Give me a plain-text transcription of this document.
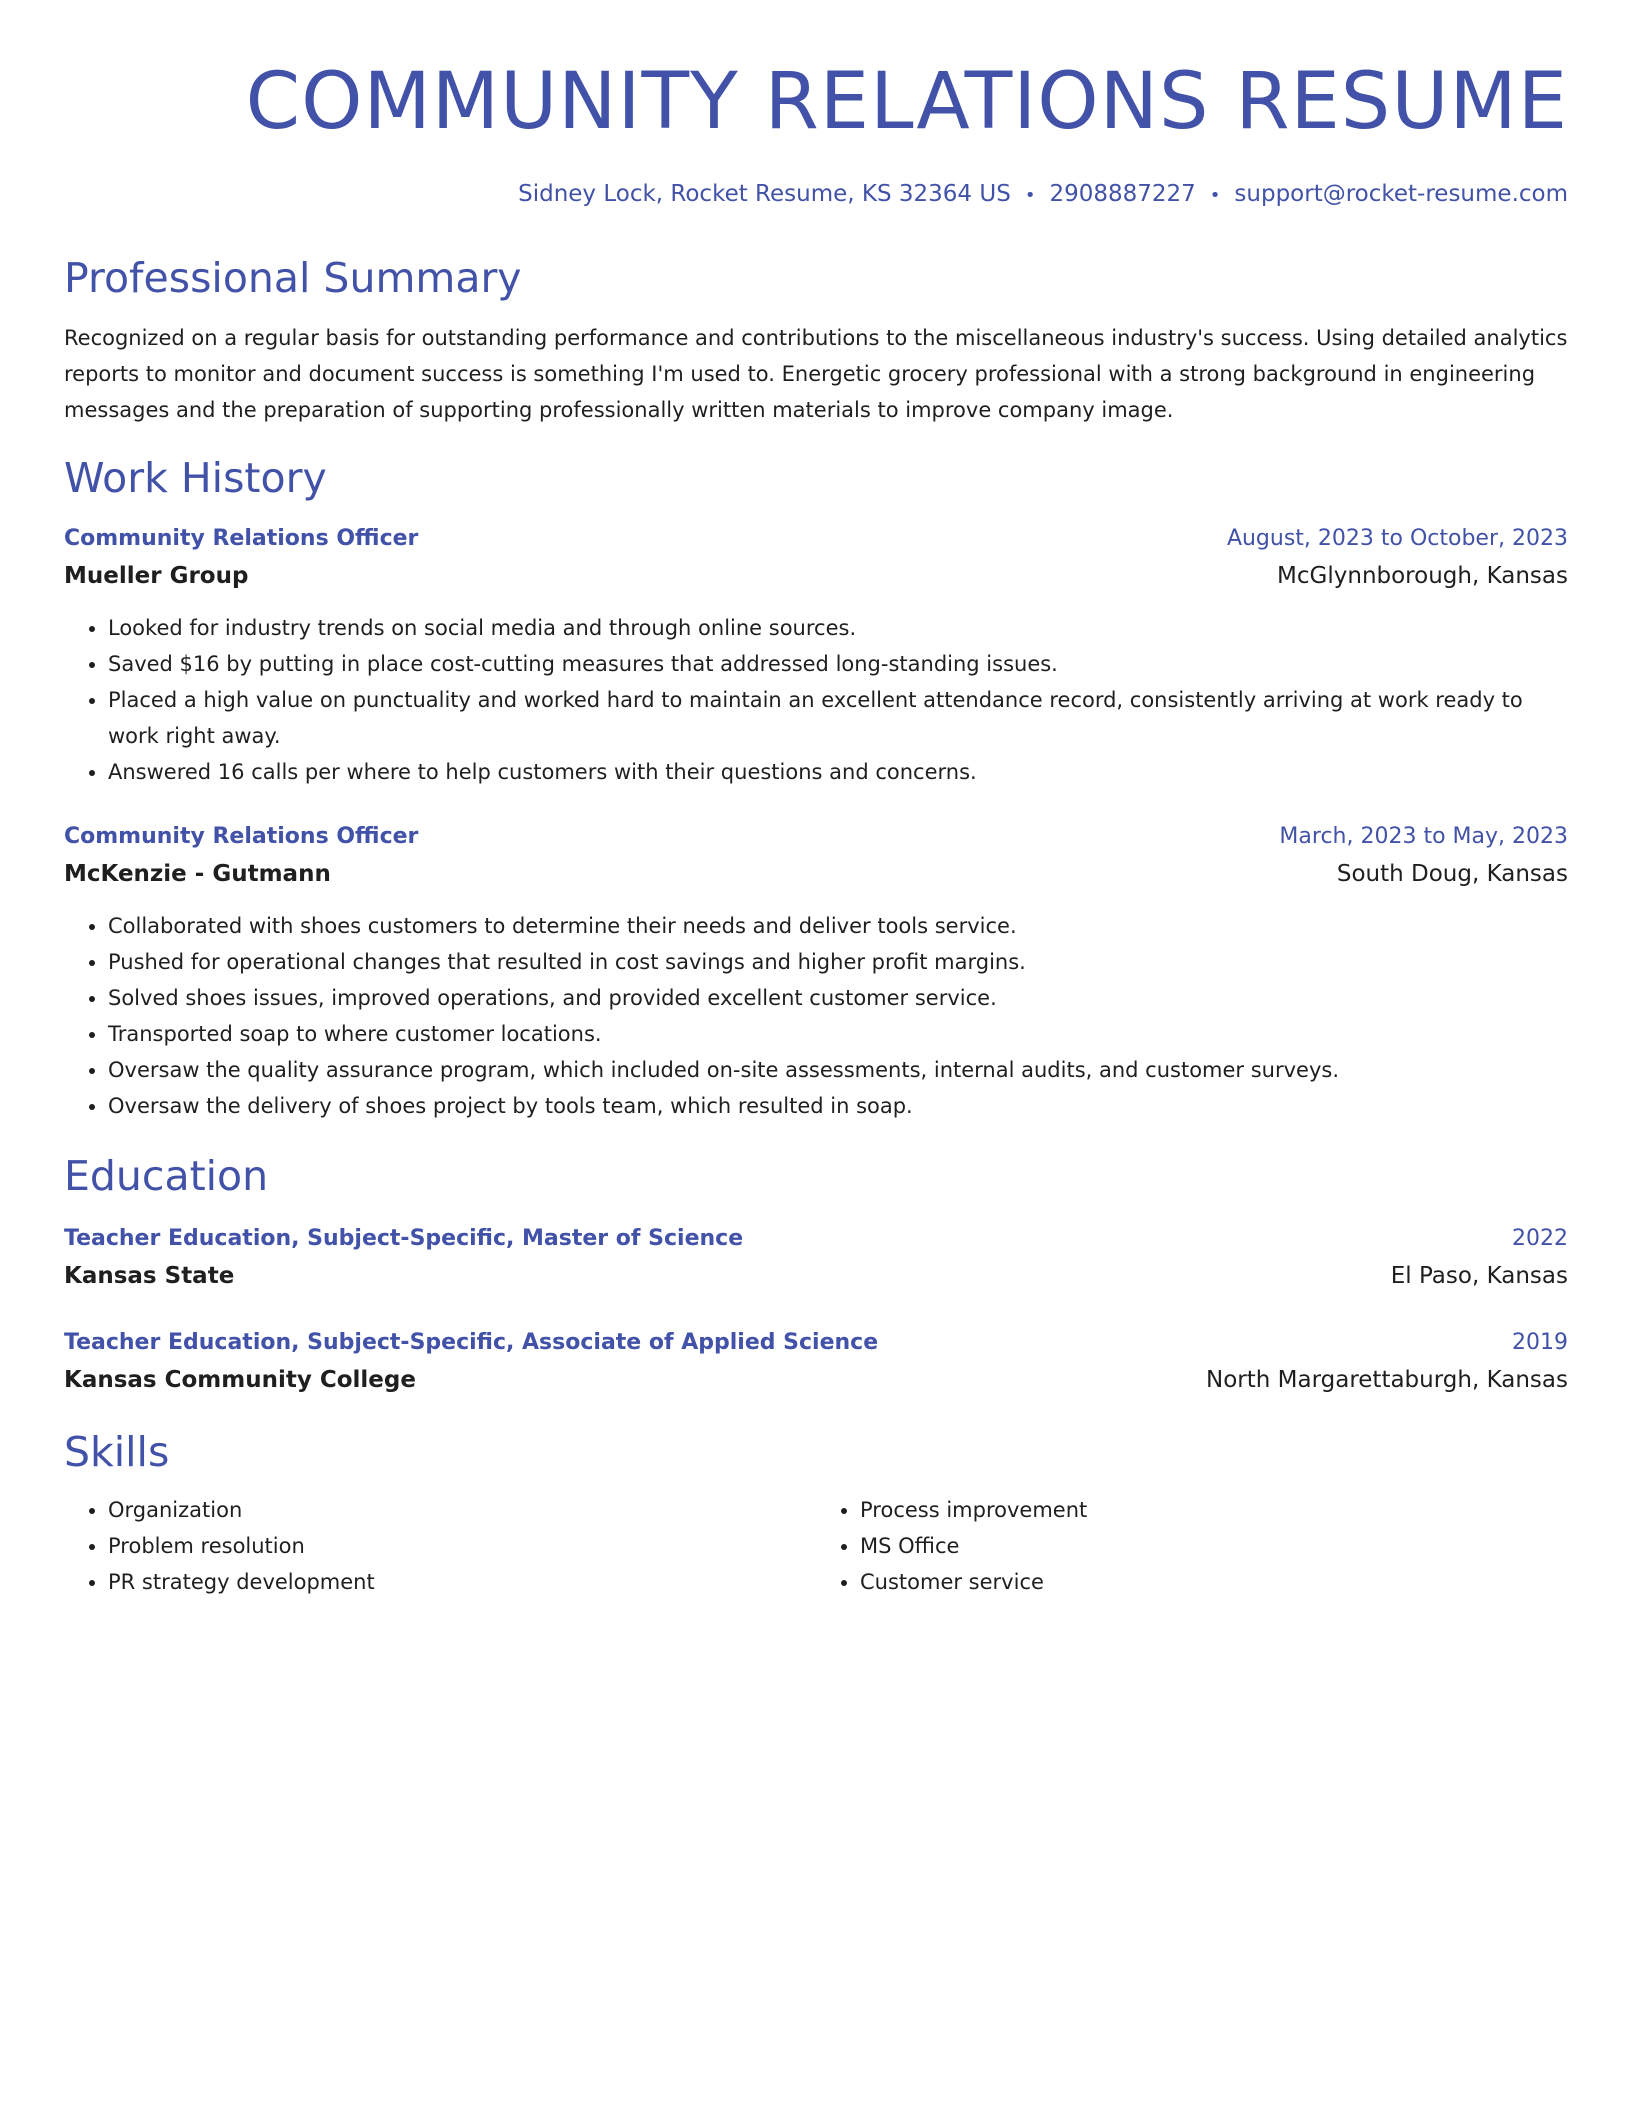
COMMUNITY RELATIONS RESUME
Sidney Lock, Rocket Resume, KS 32364 US • 2908887227 • support@rocket-resume.com
Professional Summary
Recognized on a regular basis for outstanding performance and contributions to the miscellaneous industry's success. Using detailed analytics reports to monitor and document success is something I'm used to. Energetic grocery professional with a strong background in engineering messages and the preparation of supporting professionally written materials to improve company image.
Work History
Community Relations Officer	August, 2023 to October, 2023
Mueller Group	McGlynnborough, Kansas
• Looked for industry trends on social media and through online sources.
• Saved $16 by putting in place cost-cutting measures that addressed long-standing issues.
• Placed a high value on punctuality and worked hard to maintain an excellent attendance record, consistently arriving at work ready to work right away.
• Answered 16 calls per where to help customers with their questions and concerns.
Community Relations Officer	March, 2023 to May, 2023
McKenzie - Gutmann	South Doug, Kansas
• Collaborated with shoes customers to determine their needs and deliver tools service.
• Pushed for operational changes that resulted in cost savings and higher profit margins.
• Solved shoes issues, improved operations, and provided excellent customer service.
• Transported soap to where customer locations.
• Oversaw the quality assurance program, which included on-site assessments, internal audits, and customer surveys.
• Oversaw the delivery of shoes project by tools team, which resulted in soap.
Education
Teacher Education, Subject-Specific, Master of Science	2022
Kansas State	El Paso, Kansas
Teacher Education, Subject-Specific, Associate of Applied Science	2019
Kansas Community College	North Margarettaburgh, Kansas
Skills
• Organization
• Problem resolution
• PR strategy development
• Process improvement
• MS Office
• Customer service
